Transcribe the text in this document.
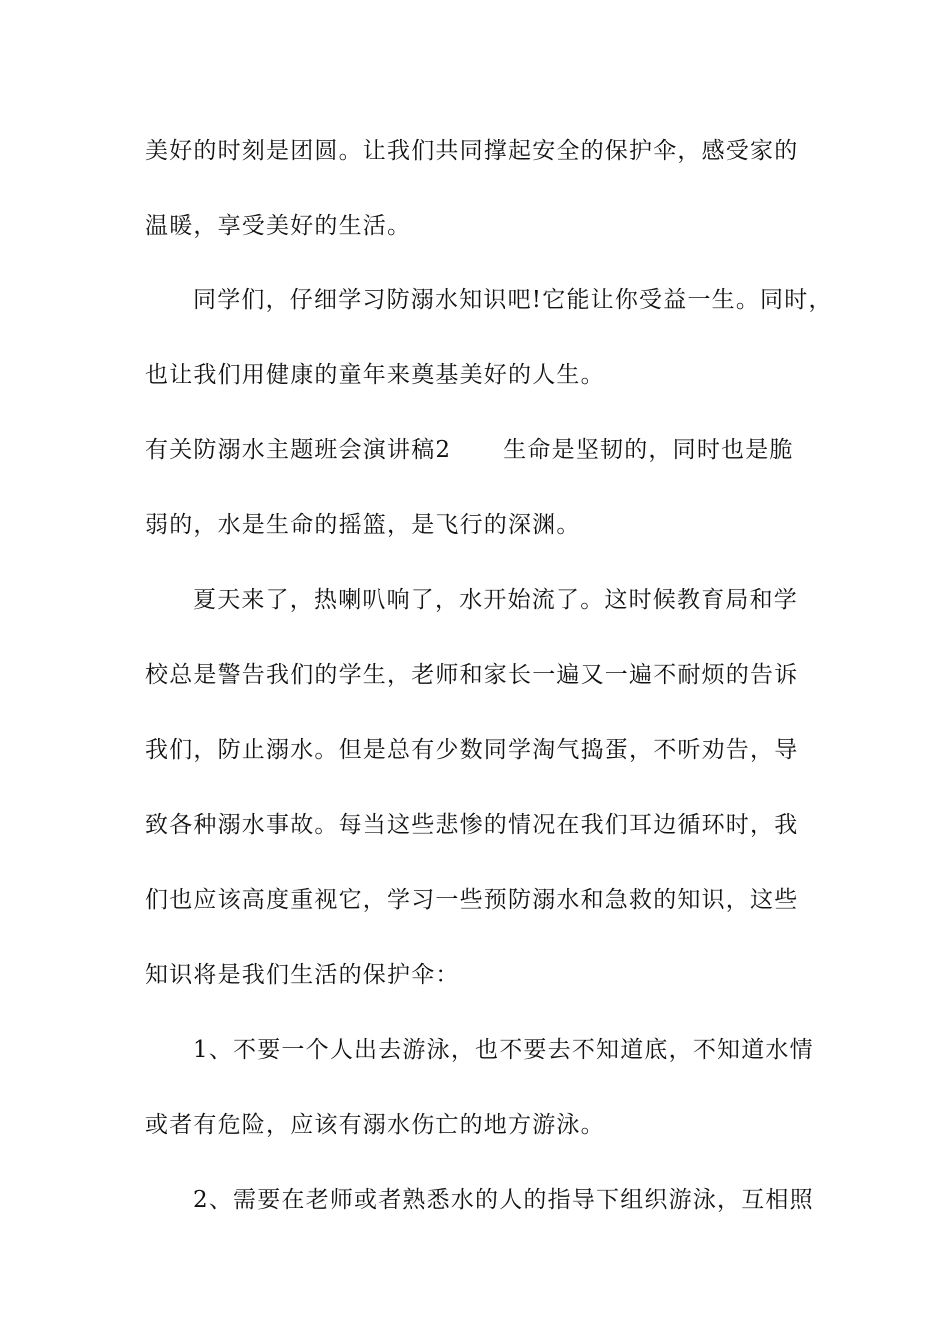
美好的时刻是团圆。让我们共同撑起安全的保护伞，感受家的
温暖，享受美好的生活。
同学们，仔细学习防溺水知识吧!它能让你受益一生。同时，
也让我们用健康的童年来奠基美好的人生。
有关防溺水主题班会演讲稿2 生命是坚韧的，同时也是脆
弱的，水是生命的摇篮，是飞行的深渊。
夏天来了，热喇叭响了，水开始流了。这时候教育局和学
校总是警告我们的学生，老师和家长一遍又一遍不耐烦的告诉
我们，防止溺水。但是总有少数同学淘气捣蛋，不听劝告，导
致各种溺水事故。每当这些悲惨的情况在我们耳边循环时，我
们也应该高度重视它，学习一些预防溺水和急救的知识，这些
知识将是我们生活的保护伞：
1、不要一个人出去游泳，也不要去不知道底，不知道水情
或者有危险，应该有溺水伤亡的地方游泳。
2、需要在老师或者熟悉水的人的指导下组织游泳，互相照
